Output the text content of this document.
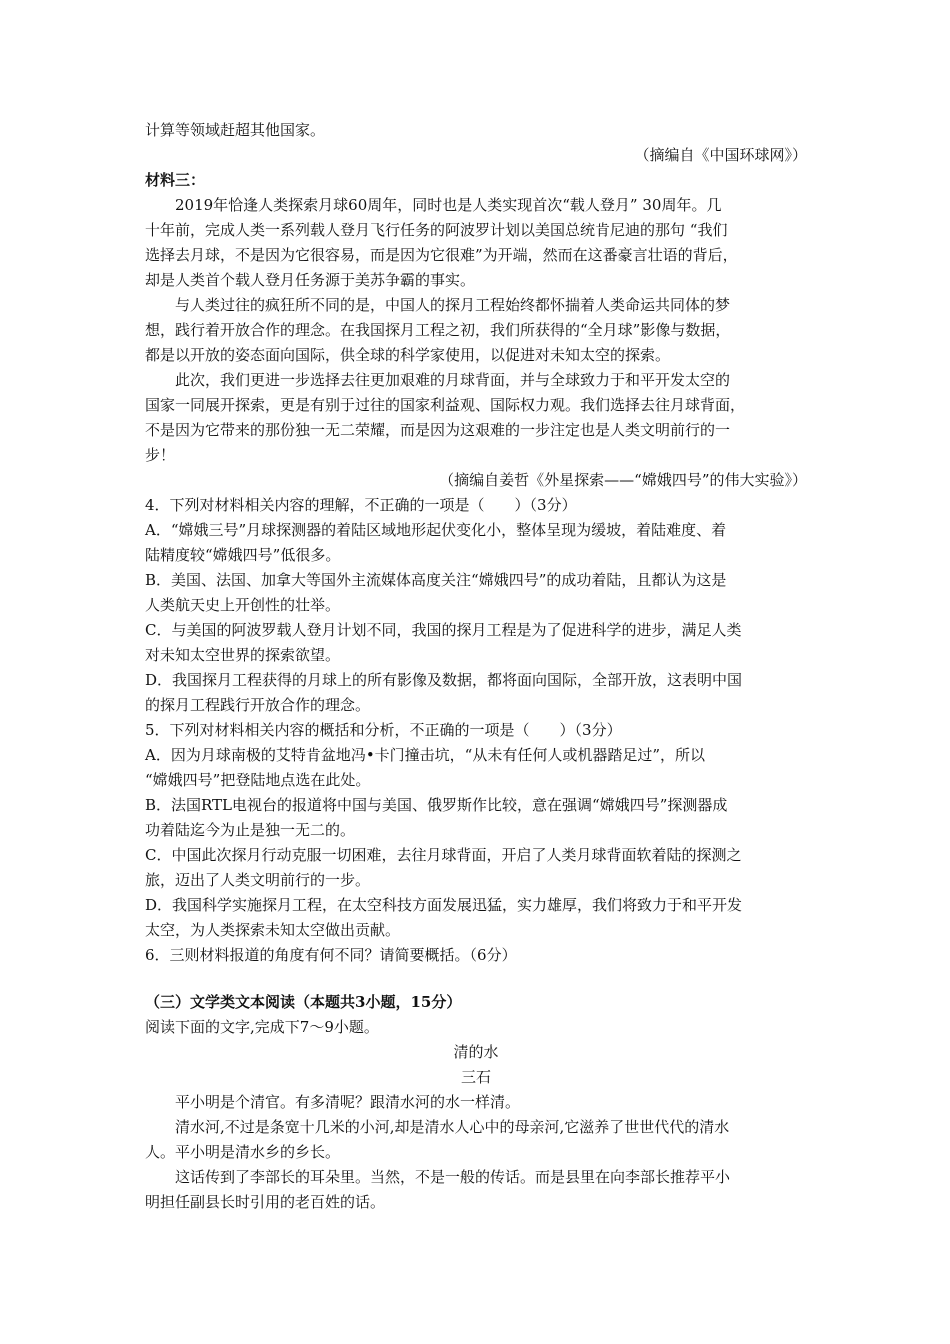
计算等领域赶超其他国家。
（摘编自《中国环球网》）
材料三：
2019年恰逢人类探索月球60周年，同时也是人类实现首次“载人登月” 30周年。几
十年前，完成人类一系列载人登月飞行任务的阿波罗计划以美国总统肯尼迪的那句 “我们
选择去月球，不是因为它很容易，而是因为它很难”为开端，然而在这番豪言壮语的背后，
却是人类首个载人登月任务源于美苏争霸的事实。
与人类过往的疯狂所不同的是，中国人的探月工程始终都怀揣着人类命运共同体的梦
想，践行着开放合作的理念。在我国探月工程之初，我们所获得的“全月球”影像与数据，
都是以开放的姿态面向国际，供全球的科学家使用，以促进对未知太空的探索。
此次，我们更进一步选择去往更加艰难的月球背面，并与全球致力于和平开发太空的
国家一同展开探索，更是有别于过往的国家利益观、国际权力观。我们选择去往月球背面，
不是因为它带来的那份独一无二荣耀，而是因为这艰难的一步注定也是人类文明前行的一
步！
（摘编自姜哲《外星探索——“嫦娥四号”的伟大实验》）
4．下列对材料相关内容的理解，不正确的一项是（　　）（3分）
A．“嫦娥三号”月球探测器的着陆区域地形起伏变化小，整体呈现为缓坡，着陆难度、着
陆精度较“嫦娥四号”低很多。
B．美国、法国、加拿大等国外主流媒体高度关注“嫦娥四号”的成功着陆，且都认为这是
人类航天史上开创性的壮举。
C．与美国的阿波罗载人登月计划不同，我国的探月工程是为了促进科学的进步，满足人类
对未知太空世界的探索欲望。
D．我国探月工程获得的月球上的所有影像及数据，都将面向国际，全部开放，这表明中国
的探月工程践行开放合作的理念。
5．下列对材料相关内容的概括和分析，不正确的一项是（　　）（3分）
A．因为月球南极的艾特肯盆地冯•卡门撞击坑，“从未有任何人或机器踏足过”，所以
“嫦娥四号”把登陆地点选在此处。
B．法国RTL电视台的报道将中国与美国、俄罗斯作比较，意在强调“嫦娥四号”探测器成
功着陆迄今为止是独一无二的。
C．中国此次探月行动克服一切困难，去往月球背面，开启了人类月球背面软着陆的探测之
旅，迈出了人类文明前行的一步。
D．我国科学实施探月工程，在太空科技方面发展迅猛，实力雄厚，我们将致力于和平开发
太空，为人类探索未知太空做出贡献。
6．三则材料报道的角度有何不同？请简要概括。（6分）
（三）文学类文本阅读（本题共3小题，15分）
阅读下面的文字,完成下7～9小题。
清的水
三石
平小明是个清官。有多清呢？跟清水河的水一样清。
清水河,不过是条宽十几米的小河,却是清水人心中的母亲河,它滋养了世世代代的清水
人。平小明是清水乡的乡长。
这话传到了李部长的耳朵里。当然，不是一般的传话。而是县里在向李部长推荐平小
明担任副县长时引用的老百姓的话。
